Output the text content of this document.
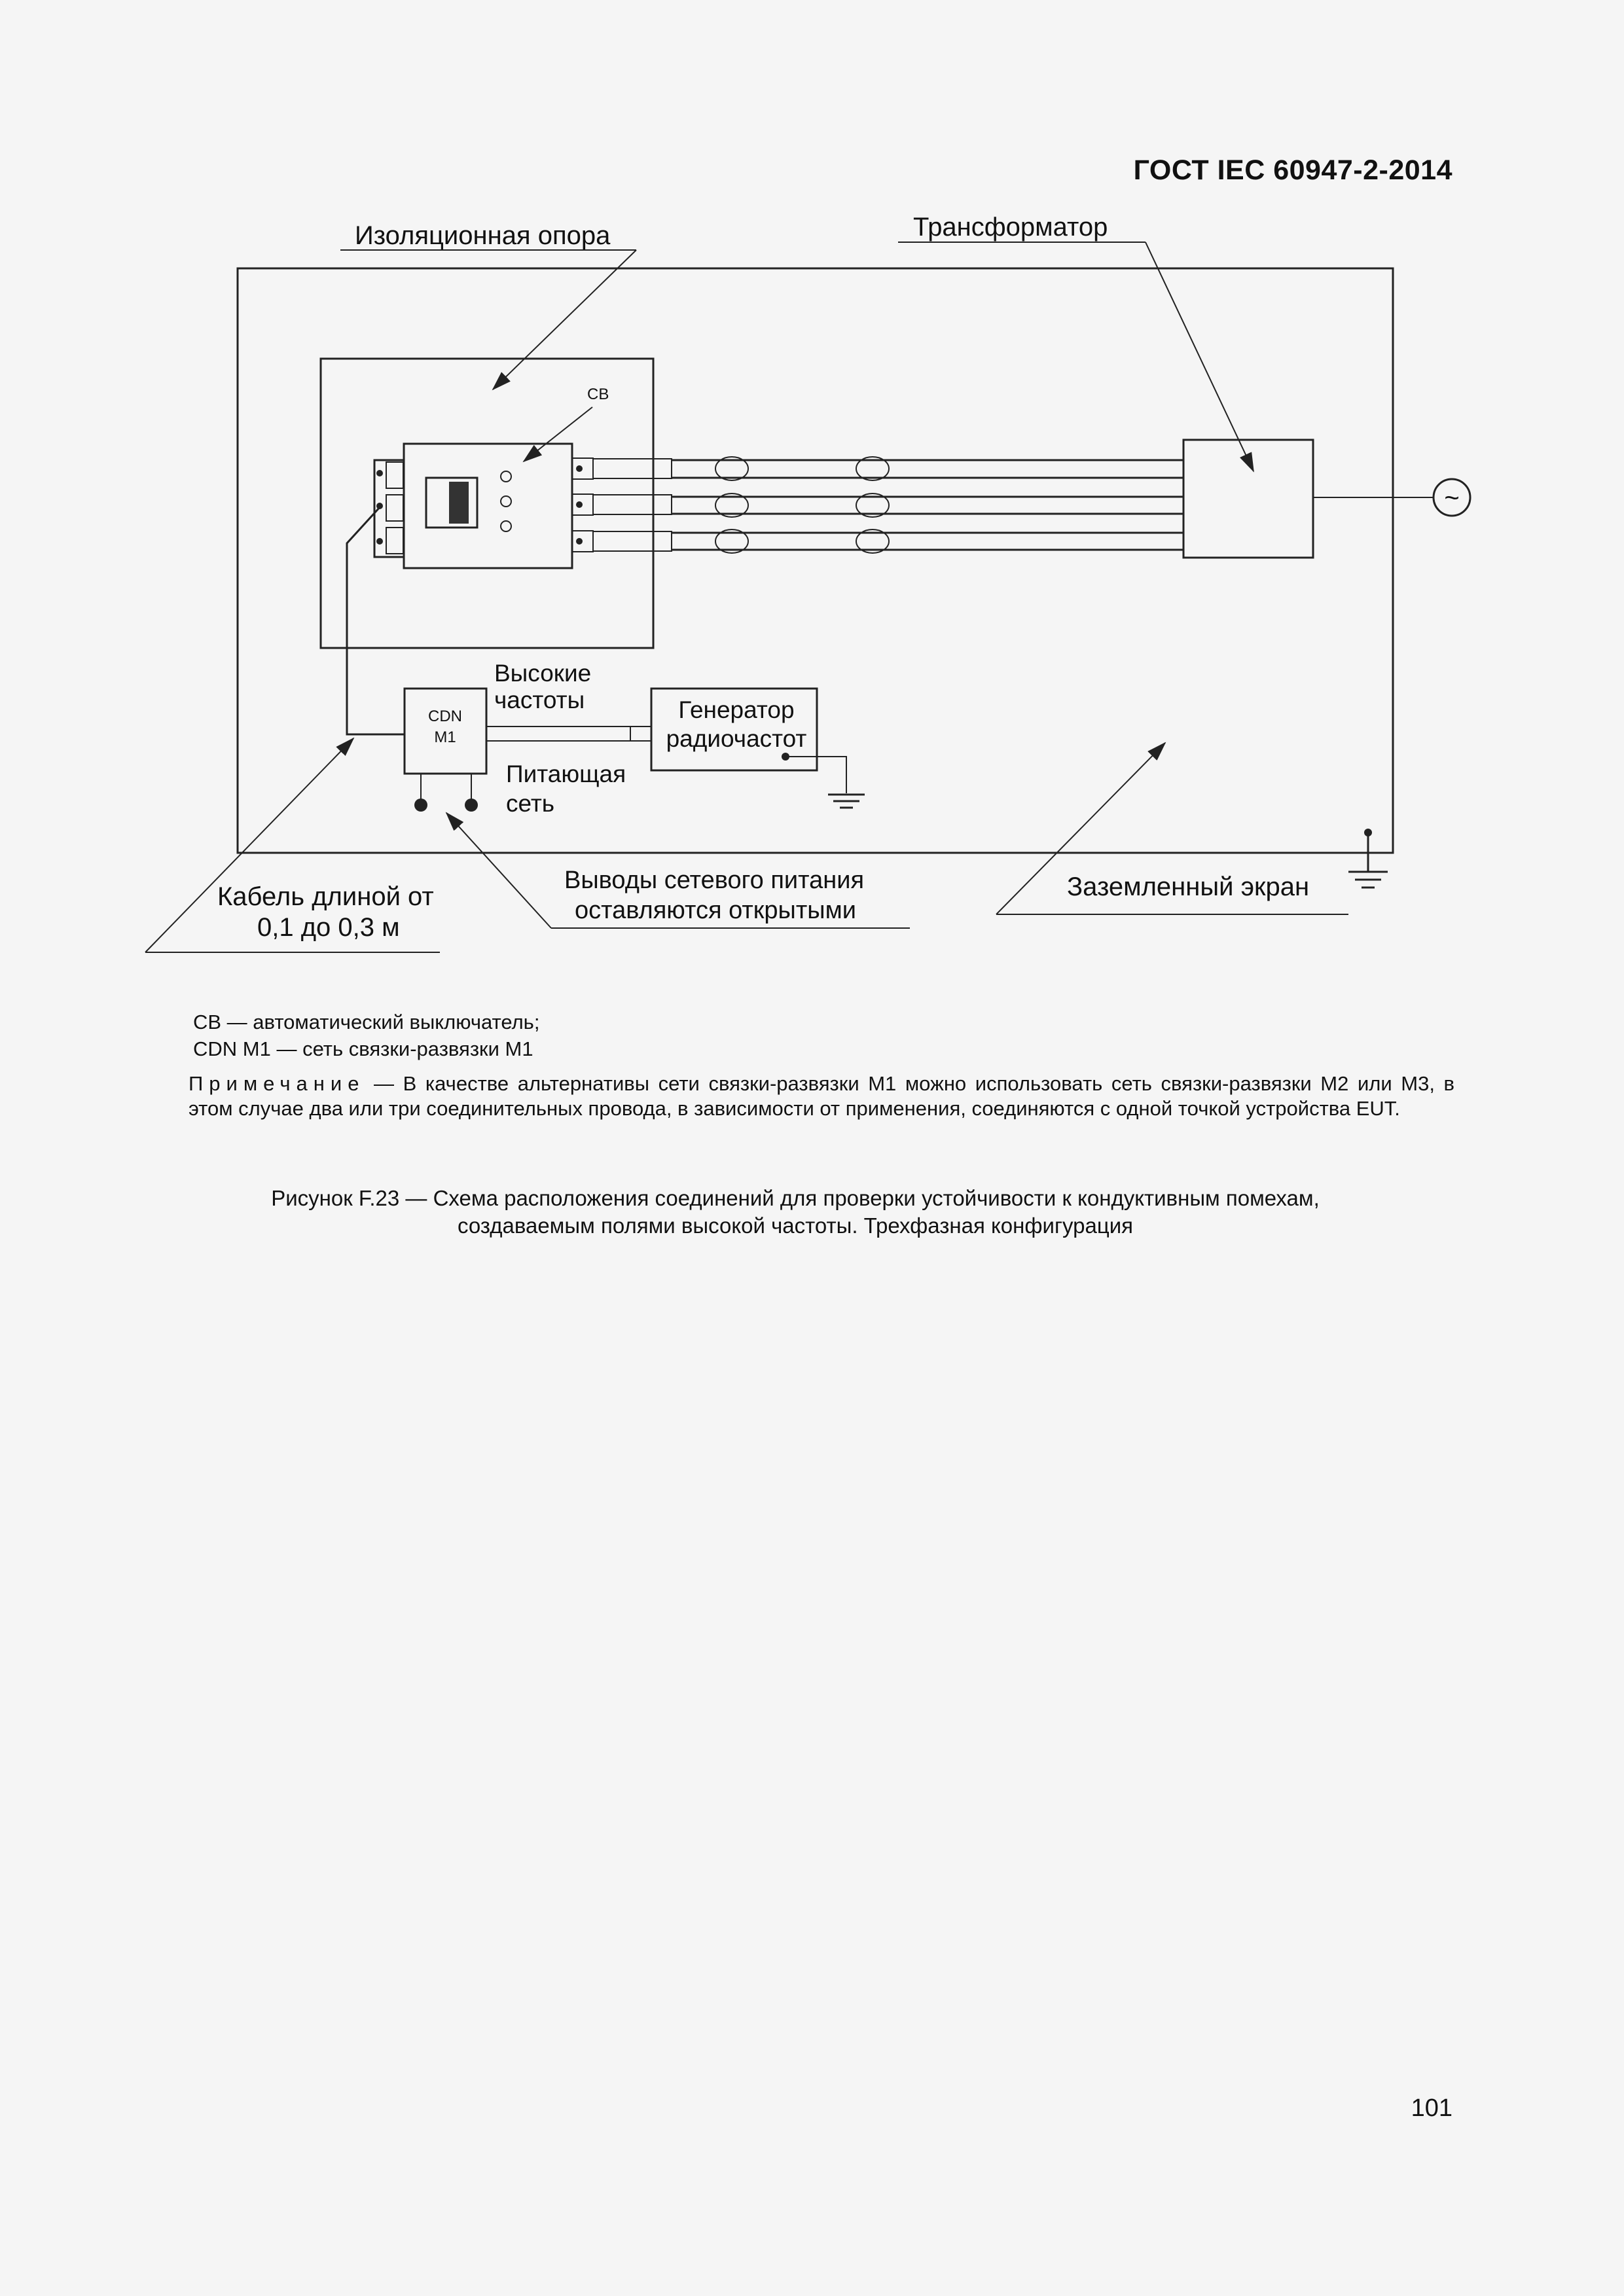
ГОСТ IEC 60947-2-2014
CB
~
CDN
M1
Генератор
радиочастот
Изоляционная опора	Трансформатор
Высокие
частоты
Питающая
сеть
Кабель длиной от
0,1 до 0,3 м
Выводы сетевого питания
оставляются открытыми
Заземленный экран
CB — автоматический выключатель;
CDN M1 — сеть связки-развязки M1
Примечание — В качестве альтернативы сети связки-развязки M1 можно использовать сеть связки-развязки M2 или M3, в этом случае два или три соединительных провода, в зависимости от применения, соединяются с одной точкой устройства EUT.
Рисунок F.23 — Схема расположения соединений для проверки устойчивости к кондуктивным помехам,
создаваемым полями высокой частоты. Трехфазная конфигурация
101
